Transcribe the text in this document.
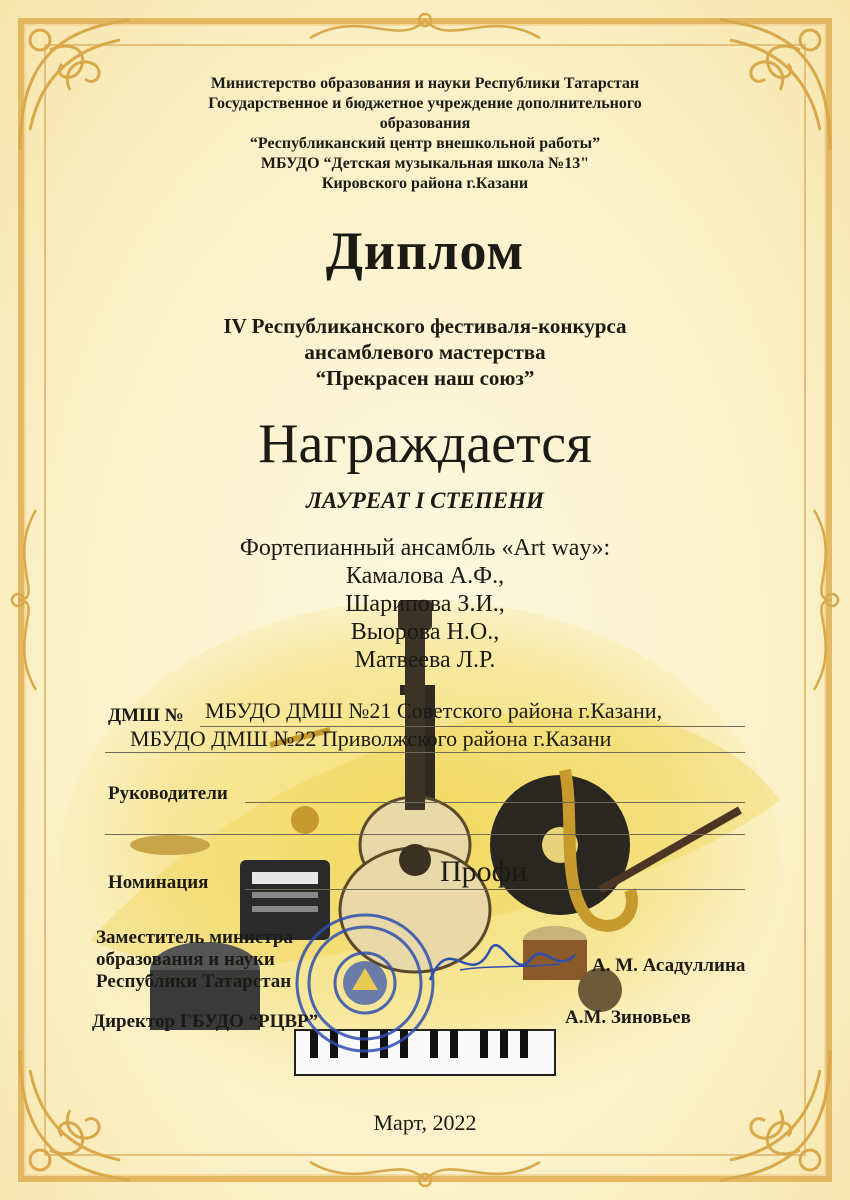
Министерство образования и науки Республики Татарстан
Государственное и бюджетное учреждение дополнительного
образования
“Республиканский центр внешкольной работы”
МБУДО “Детская музыкальная школа №13"
Кировского района г.Казани
Диплом
IV Республиканского фестиваля-конкурса
ансамблевого мастерства
“Прекрасен наш союз”
Награждается
ЛАУРЕАТ I СТЕПЕНИ
Фортепианный ансамбль «Art way»:
Камалова А.Ф.,
Шарипова З.И.,
Выорова Н.О.,
Матвеева Л.Р.
ДМШ № МБУДО ДМШ №21 Советского района г.Казани,
МБУДО ДМШ №22 Приволжского района г.Казани
Руководители
Номинация	Профи
Заместитель министра
образования и науки
Республики Татарстан
А. М. Асадуллина
Директор ГБУДО “РЦВР”	А.М. Зиновьев
Март, 2022
